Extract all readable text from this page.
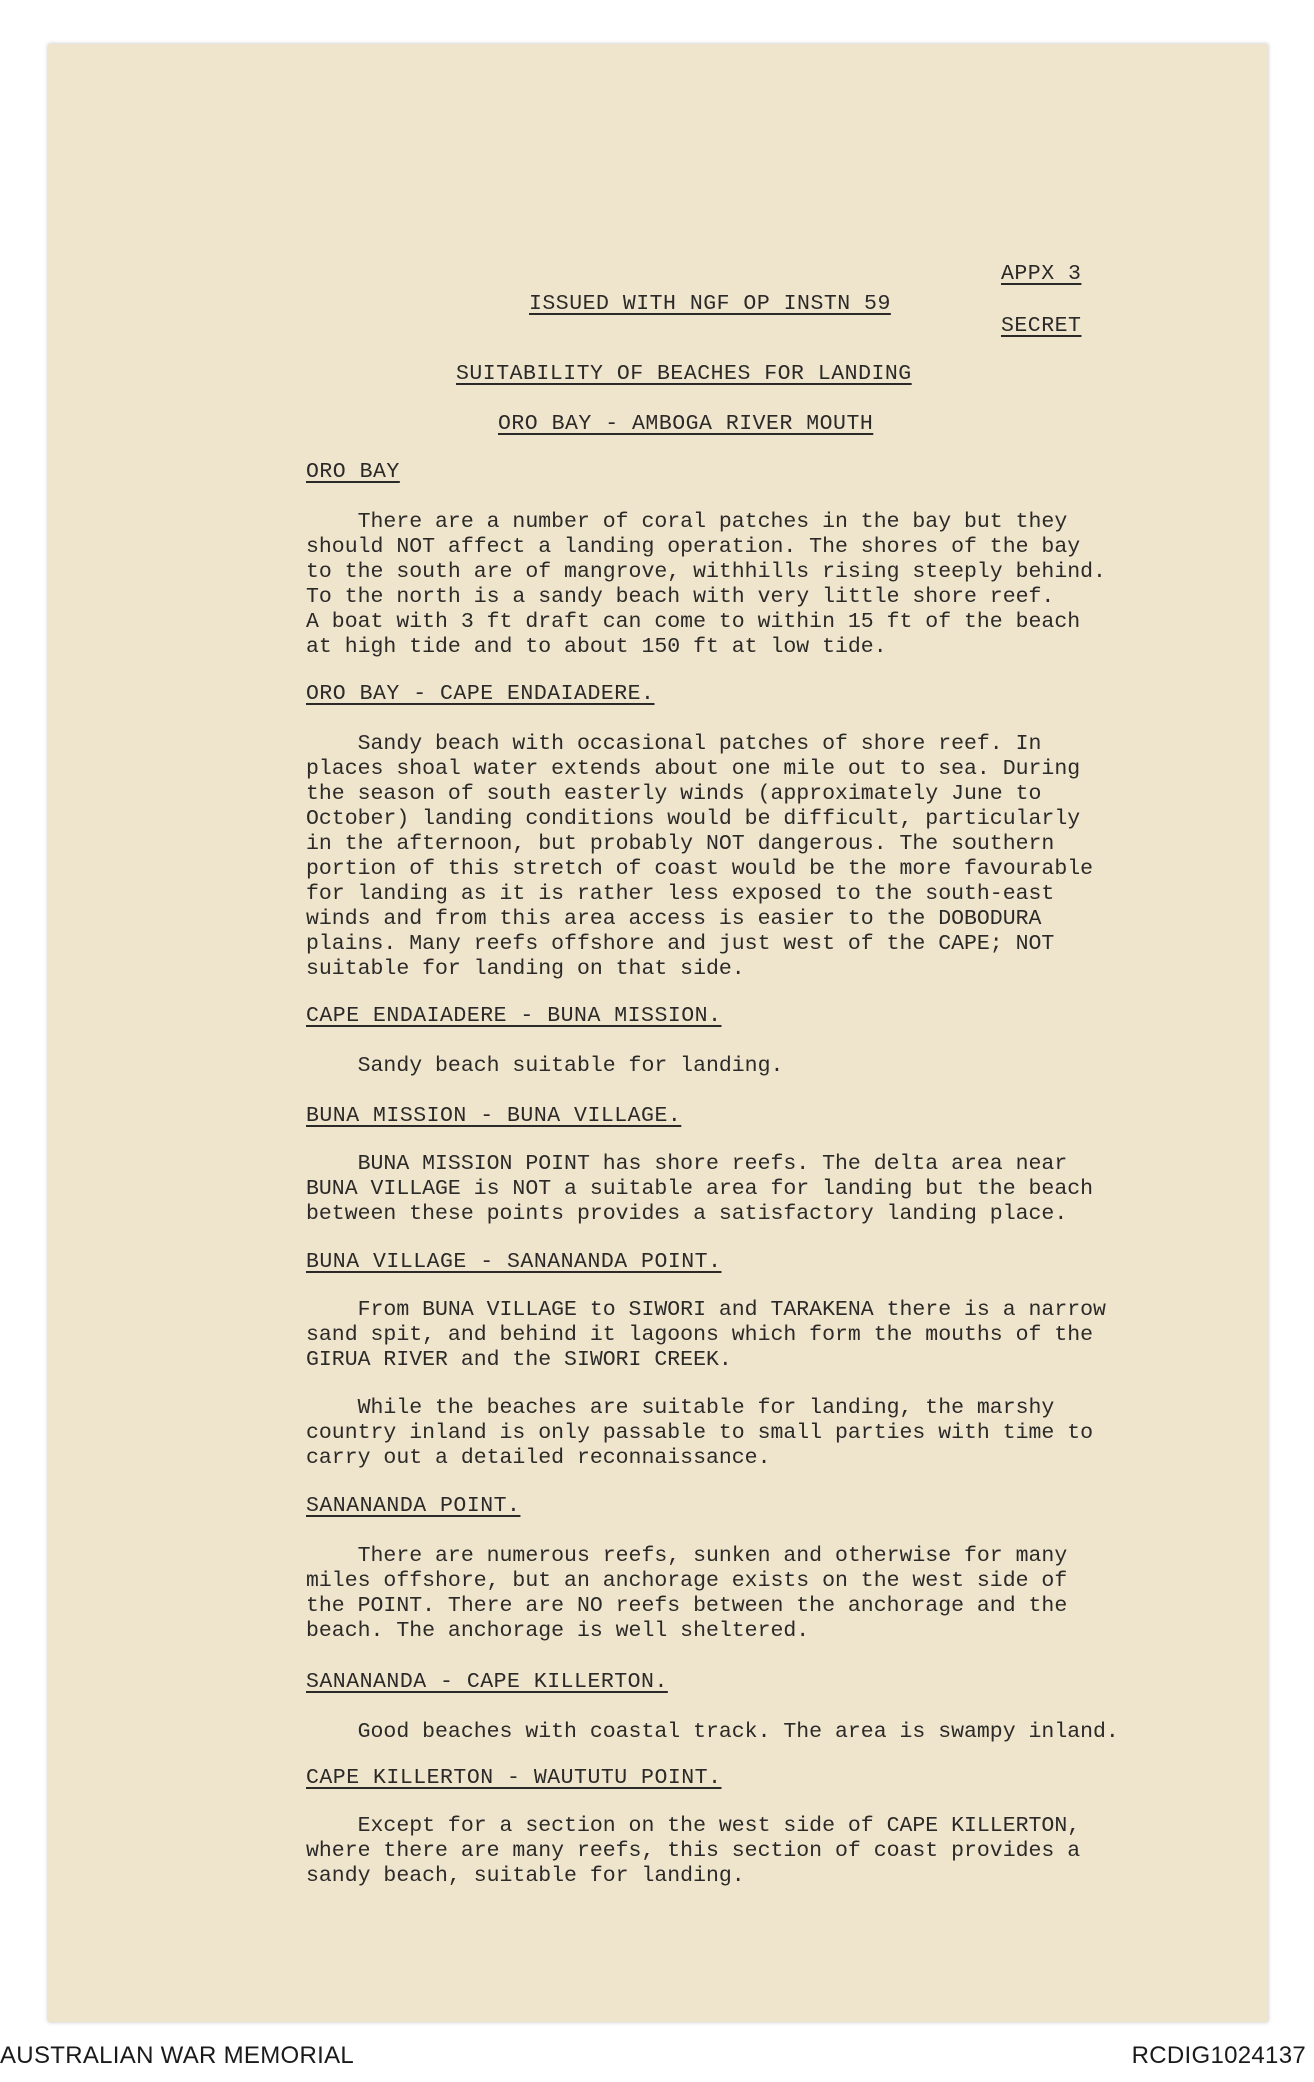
APPX 3
ISSUED WITH NGF OP INSTN 59
SECRET
SUITABILITY OF BEACHES FOR LANDING
ORO BAY - AMBOGA RIVER MOUTH
ORO BAY

There are a number of coral patches in the bay but they
should NOT affect a landing operation. The shores of the bay
to the south are of mangrove, withhills rising steeply behind.
To the north is a sandy beach with very little shore reef.
A boat with 3 ft draft can come to within 15 ft of the beach
at high tide and to about 150 ft at low tide.

ORO BAY - CAPE ENDAIADERE.

Sandy beach with occasional patches of shore reef. In
places shoal water extends about one mile out to sea. During
the season of south easterly winds (approximately June to
October) landing conditions would be difficult, particularly
in the afternoon, but probably NOT dangerous. The southern
portion of this stretch of coast would be the more favourable
for landing as it is rather less exposed to the south-east
winds and from this area access is easier to the DOBODURA
plains. Many reefs offshore and just west of the CAPE; NOT
suitable for landing on that side.

CAPE ENDAIADERE - BUNA MISSION.

Sandy beach suitable for landing.

BUNA MISSION - BUNA VILLAGE.

BUNA MISSION POINT has shore reefs. The delta area near
BUNA VILLAGE is NOT a suitable area for landing but the beach
between these points provides a satisfactory landing place.

BUNA VILLAGE - SANANANDA POINT.

From BUNA VILLAGE to SIWORI and TARAKENA there is a narrow
sand spit, and behind it lagoons which form the mouths of the
GIRUA RIVER and the SIWORI CREEK.

While the beaches are suitable for landing, the marshy
country inland is only passable to small parties with time to
carry out a detailed reconnaissance.

SANANANDA POINT.

There are numerous reefs, sunken and otherwise for many
miles offshore, but an anchorage exists on the west side of
the POINT. There are NO reefs between the anchorage and the
beach. The anchorage is well sheltered.

SANANANDA - CAPE KILLERTON.

Good beaches with coastal track. The area is swampy inland.

CAPE KILLERTON - WAUTUTU POINT.

Except for a section on the west side of CAPE KILLERTON,
where there are many reefs, this section of coast provides a
sandy beach, suitable for landing.

AUSTRALIAN WAR MEMORIAL	RCDIG1024137
